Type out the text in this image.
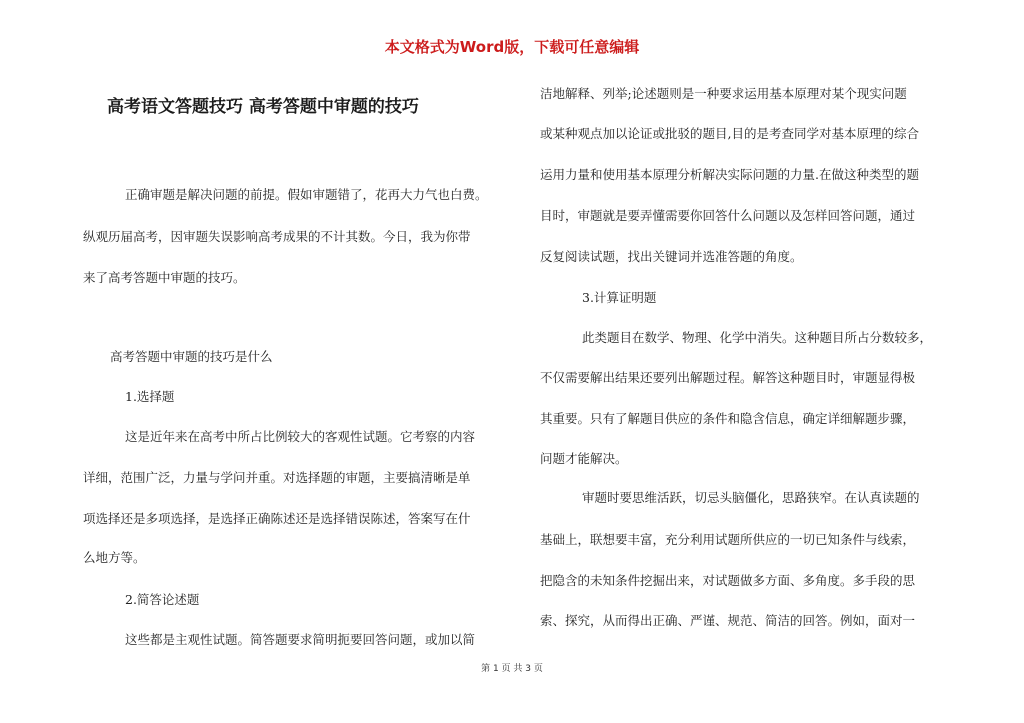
本文格式为Word版，下载可任意编辑
高考语文答题技巧 高考答题中审题的技巧
正确审题是解决问题的前提。假如审题错了，花再大力气也白费。
纵观历届高考，因审题失误影响高考成果的不计其数。今日，我为你带
来了高考答题中审题的技巧。
高考答题中审题的技巧是什么
1.选择题
这是近年来在高考中所占比例较大的客观性试题。它考察的内容
详细，范围广泛，力量与学问并重。对选择题的审题，主要搞清晰是单
项选择还是多项选择，是选择正确陈述还是选择错误陈述，答案写在什
么地方等。
2.简答论述题
这些都是主观性试题。简答题要求简明扼要回答问题，或加以简
洁地解释、列举;论述题则是一种要求运用基本原理对某个现实问题
或某种观点加以论证或批驳的题目,目的是考查同学对基本原理的综合
运用力量和使用基本原理分析解决实际问题的力量.在做这种类型的题
目时，审题就是要弄懂需要你回答什么问题以及怎样回答问题，通过
反复阅读试题，找出关键词并选准答题的角度。
3.计算证明题
此类题目在数学、物理、化学中消失。这种题目所占分数较多，
不仅需要解出结果还要列出解题过程。解答这种题目时，审题显得极
其重要。只有了解题目供应的条件和隐含信息，确定详细解题步骤，
问题才能解决。
审题时要思维活跃，切忌头脑僵化，思路狭窄。在认真读题的
基础上，联想要丰富，充分利用试题所供应的一切已知条件与线索，
把隐含的未知条件挖掘出来，对试题做多方面、多角度。多手段的思
索、探究，从而得出正确、严谨、规范、简洁的回答。例如，面对一
第 1 页 共 3 页
